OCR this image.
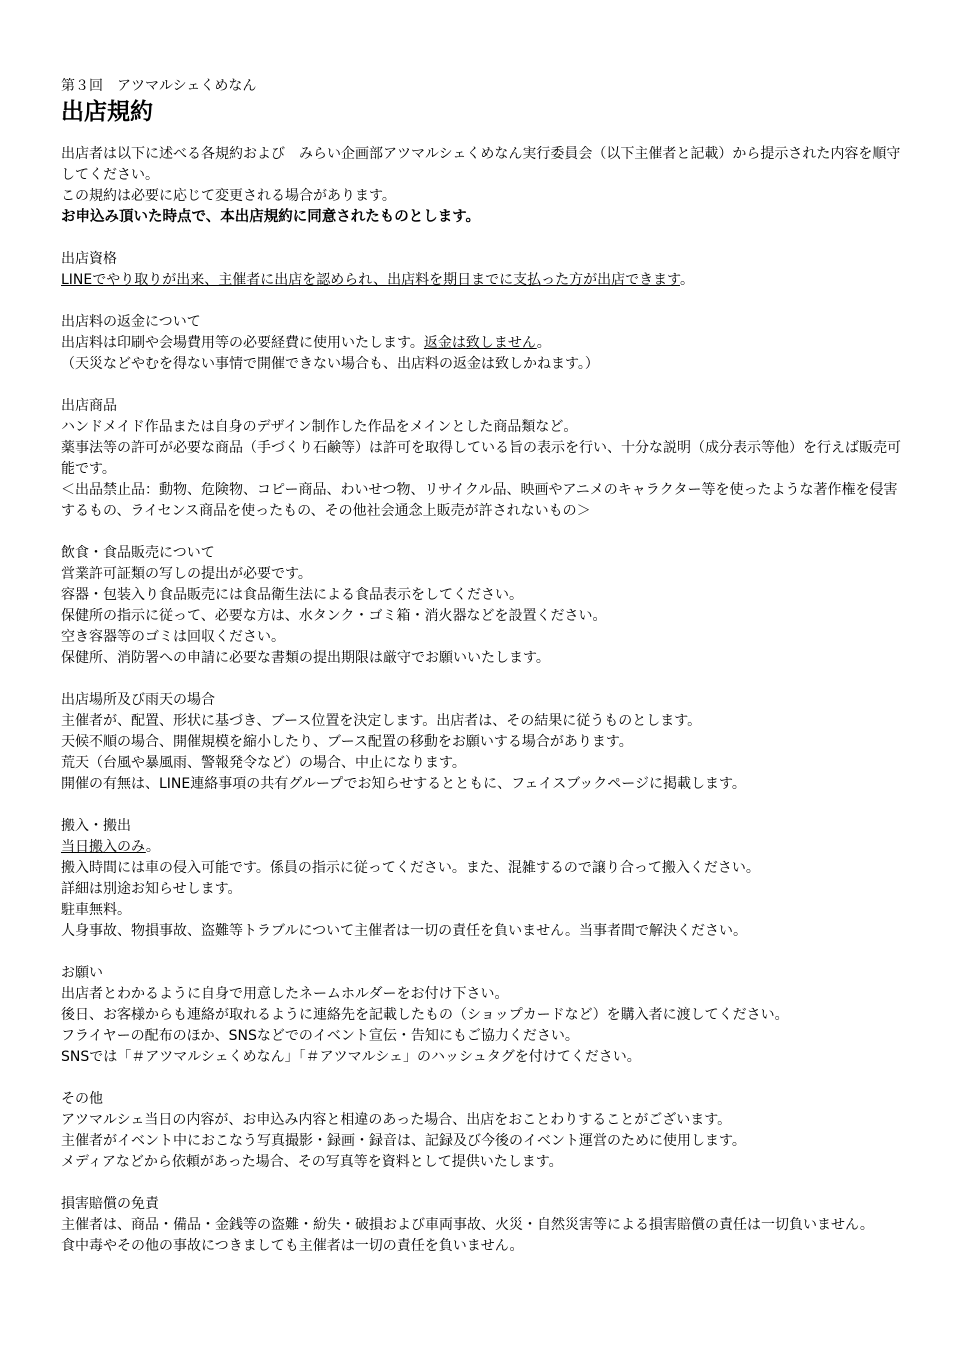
第３回　アツマルシェくめなん
出店規約
出店者は以下に述べる各規約および　みらい企画部アツマルシェくめなん実行委員会（以下主催者と記載）から提示された内容を順守してください。
この規約は必要に応じて変更される場合があります。
お申込み頂いた時点で、本出店規約に同意されたものとします。
出店資格
LINEでやり取りが出来、主催者に出店を認められ、出店料を期日までに支払った方が出店できます。
出店料の返金について
出店料は印刷や会場費用等の必要経費に使用いたします。返金は致しません。
（天災などやむを得ない事情で開催できない場合も、出店料の返金は致しかねます。）
出店商品
ハンドメイド作品または自身のデザイン制作した作品をメインとした商品類など。
薬事法等の許可が必要な商品（手づくり石鹸等）は許可を取得している旨の表示を行い、十分な説明（成分表示等他）を行えば販売可能です。
＜出品禁止品：動物、危険物、コピー商品、わいせつ物、リサイクル品、映画やアニメのキャラクター等を使ったような著作権を侵害するもの、ライセンス商品を使ったもの、その他社会通念上販売が許されないもの＞
飲食・食品販売について
営業許可証類の写しの提出が必要です。
容器・包装入り食品販売には食品衛生法による食品表示をしてください。
保健所の指示に従って、必要な方は、水タンク・ゴミ箱・消火器などを設置ください。
空き容器等のゴミは回収ください。
保健所、消防署への申請に必要な書類の提出期限は厳守でお願いいたします。
出店場所及び雨天の場合
主催者が、配置、形状に基づき、ブース位置を決定します。出店者は、その結果に従うものとします。
天候不順の場合、開催規模を縮小したり、ブース配置の移動をお願いする場合があります。
荒天（台風や暴風雨、警報発令など）の場合、中止になります。
開催の有無は、LINE連絡事項の共有グループでお知らせするとともに、フェイスブックページに掲載します。
搬入・搬出
当日搬入のみ。
搬入時間には車の侵入可能です。係員の指示に従ってください。また、混雑するので譲り合って搬入ください。
詳細は別途お知らせします。
駐車無料。
人身事故、物損事故、盗難等トラブルについて主催者は一切の責任を負いません。当事者間で解決ください。
お願い
出店者とわかるように自身で用意したネームホルダーをお付け下さい。
後日、お客様からも連絡が取れるように連絡先を記載したもの（ショップカードなど）を購入者に渡してください。
フライヤーの配布のほか、SNSなどでのイベント宣伝・告知にもご協力ください。
SNSでは「＃アツマルシェくめなん」「＃アツマルシェ」のハッシュタグを付けてください。
その他
アツマルシェ当日の内容が、お申込み内容と相違のあった場合、出店をおことわりすることがございます。
主催者がイベント中におこなう写真撮影・録画・録音は、記録及び今後のイベント運営のために使用します。
メディアなどから依頼があった場合、その写真等を資料として提供いたします。
損害賠償の免責
主催者は、商品・備品・金銭等の盗難・紛失・破損および車両事故、火災・自然災害等による損害賠償の責任は一切負いません。
食中毒やその他の事故につきましても主催者は一切の責任を負いません。
